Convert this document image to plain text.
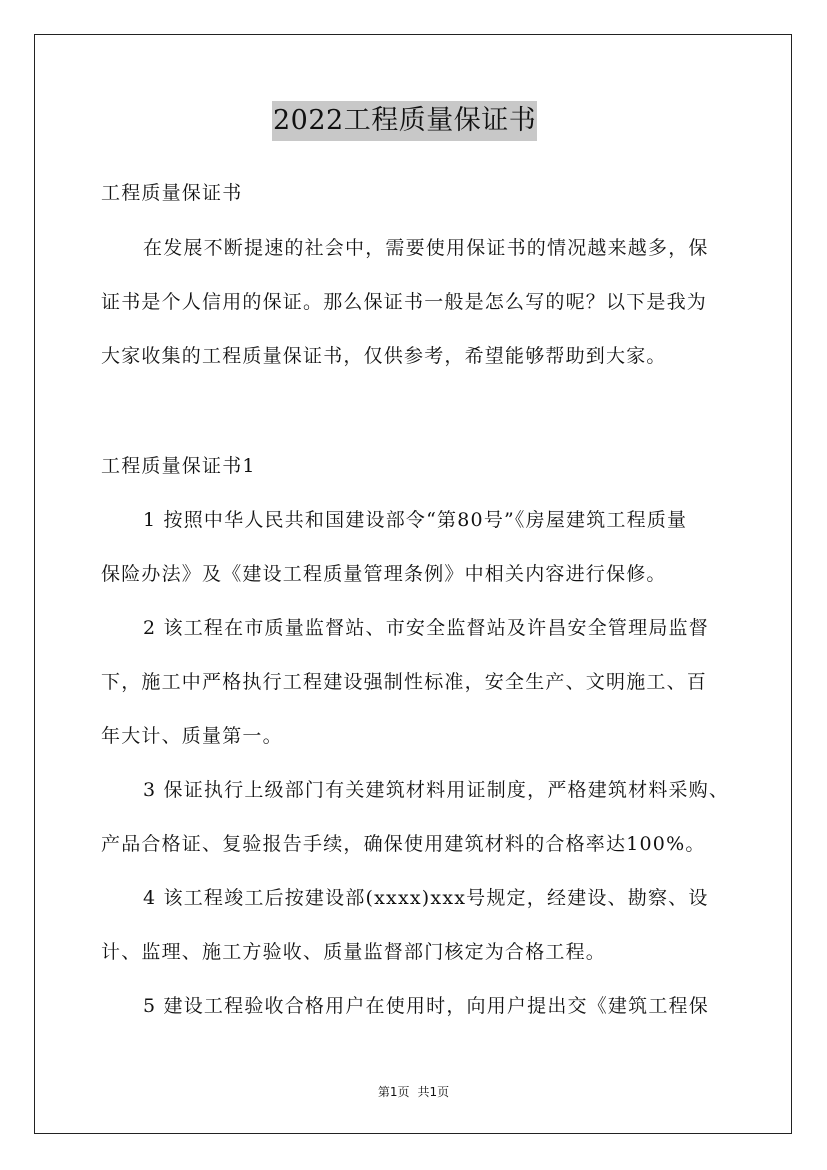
2022工程质量保证书
工程质量保证书
在发展不断提速的社会中，需要使用保证书的情况越来越多，保
证书是个人信用的保证。那么保证书一般是怎么写的呢？以下是我为
大家收集的工程质量保证书，仅供参考，希望能够帮助到大家。
工程质量保证书1
1 按照中华人民共和国建设部令“第80号”《房屋建筑工程质量
保险办法》及《建设工程质量管理条例》中相关内容进行保修。
2 该工程在市质量监督站、市安全监督站及许昌安全管理局监督
下，施工中严格执行工程建设强制性标准，安全生产、文明施工、百
年大计、质量第一。
3 保证执行上级部门有关建筑材料用证制度，严格建筑材料采购、
产品合格证、复验报告手续，确保使用建筑材料的合格率达100%。
4 该工程竣工后按建设部(xxxx)xxx号规定，经建设、勘察、设
计、监理、施工方验收、质量监督部门核定为合格工程。
5 建设工程验收合格用户在使用时，向用户提出交《建筑工程保
第1页 共1页
